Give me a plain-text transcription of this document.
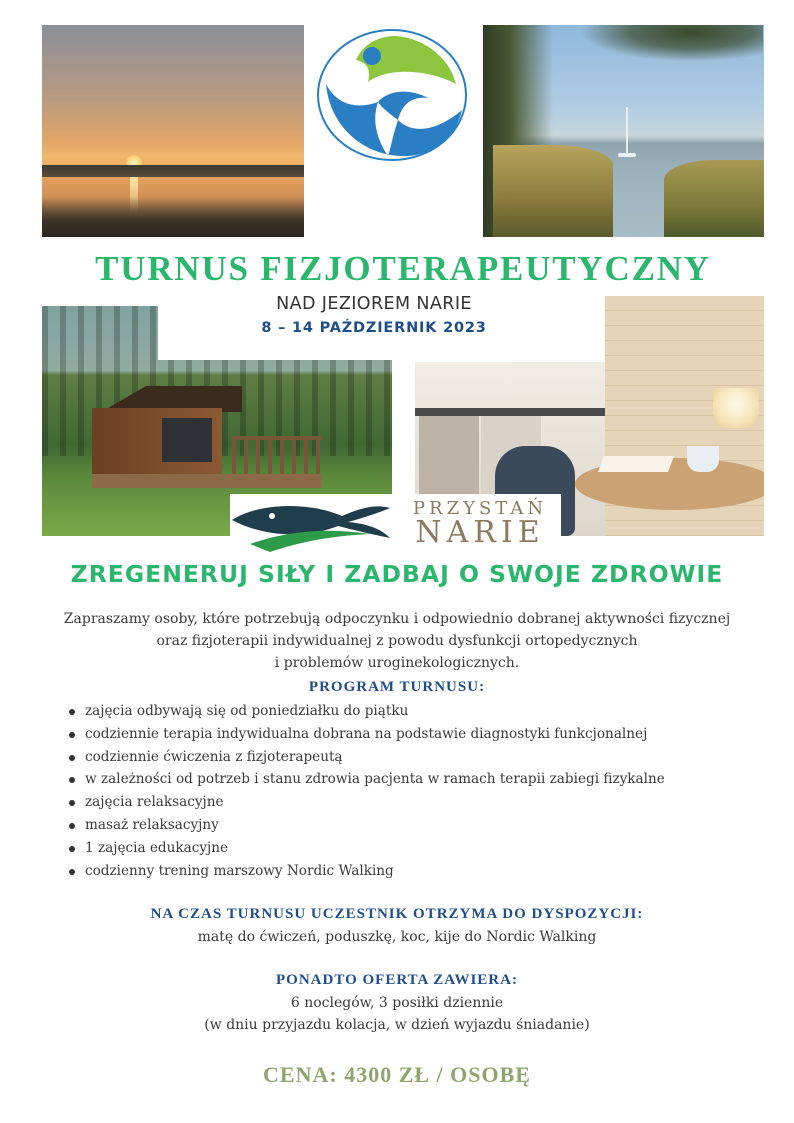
TURNUS FIZJOTERAPEUTYCZNY
NAD JEZIOREM NARIE
8 – 14 PAŹDZIERNIK 2023
PRZYSTAŃ
NARIE
ZREGENERUJ SIŁY I ZADBAJ O SWOJE ZDROWIE
Zapraszamy osoby, które potrzebują odpoczynku i odpowiednio dobranej aktywności fizycznej
oraz fizjoterapii indywidualnej z powodu dysfunkcji ortopedycznych
i problemów uroginekologicznych.
PROGRAM TURNUSU:
zajęcia odbywają się od poniedziałku do piątku
codziennie terapia indywidualna dobrana na podstawie diagnostyki funkcjonalnej
codziennie ćwiczenia z fizjoterapeutą
w zależności od potrzeb i stanu zdrowia pacjenta w ramach terapii zabiegi fizykalne
zajęcia relaksacyjne
masaż relaksacyjny
1 zajęcia edukacyjne
codzienny trening marszowy Nordic Walking
NA CZAS TURNUSU UCZESTNIK OTRZYMA DO DYSPOZYCJI:
matę do ćwiczeń, poduszkę, koc, kije do Nordic Walking
PONADTO OFERTA ZAWIERA:
6 noclegów, 3 posiłki dziennie
(w dniu przyjazdu kolacja, w dzień wyjazdu śniadanie)
CENA: 4300 ZŁ / OSOBĘ
